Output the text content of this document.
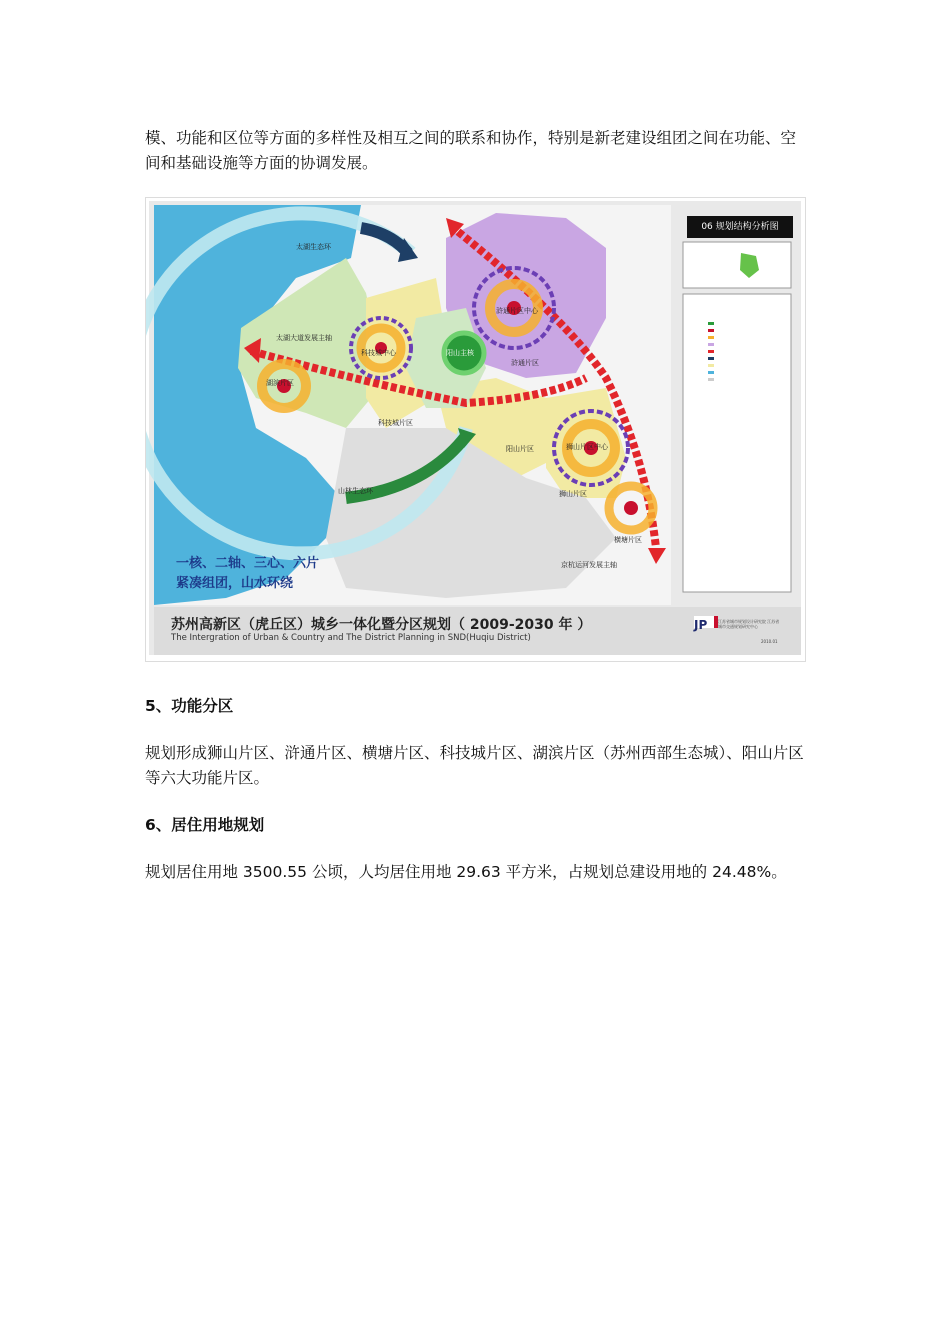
模、功能和区位等方面的多样性及相互之间的联系和协作，特别是新老建设组团之间在功能、空间和基础设施等方面的协调发展。

06 规划结构分析图
一核、二轴、三心、六片
紧凑组团，山水环绕
苏州高新区（虎丘区）城乡一体化暨分区规划（ 2009-2030 年 ）
The Intergration of Urban & Country and The District Planning in SND(Huqiu District)
JP	江苏省城市规划设计研究院 江苏省城市交通规划研究中心
2010.01
太湖生态环
太湖大道发展主轴
科技城中心
浒通片区中心
浒通片区
阳山主核
湖滨片区
科技城片区
阳山片区	狮山片区中心
狮山片区
横塘片区
山林生态环
京杭运河发展主轴
5、功能分区

规划形成狮山片区、浒通片区、横塘片区、科技城片区、湖滨片区（苏州西部生态城）、阳山片区等六大功能片区。

6、居住用地规划

规划居住用地 3500.55 公顷，人均居住用地 29.63 平方米，占规划总建设用地的 24.48%。
